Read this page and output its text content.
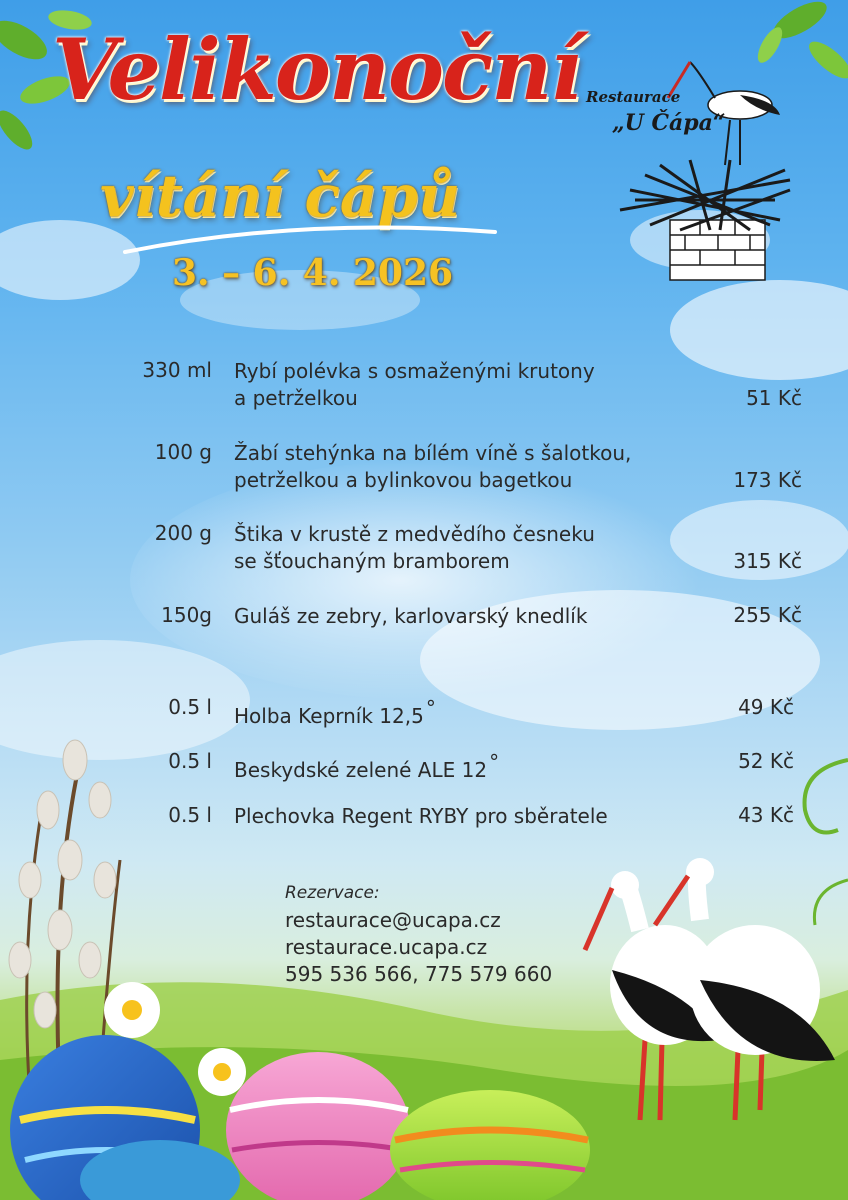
Velikonoční
vítání čápů
3. – 6. 4. 2026
Restaurace
„U Čápa“
330 ml Rybí polévka s osmaženými krutony
a petrželkou	51 Kč
100 g Žabí stehýnka na bílém víně s šalotkou,
petrželkou a bylinkovou bagetkou	173 Kč
200 g Štika v krustě z medvědího česneku
se šťouchaným bramborem	315 Kč
150g Guláš ze zebry, karlovarský knedlík	255 Kč
0.5 l Holba Keprník 12,5 °	49 Kč
0.5 l Beskydské zelené ALE 12 °	52 Kč
0.5 l Plechovka Regent RYBY pro sběratele	43 Kč
Rezervace:
restaurace@ucapa.cz
restaurace.ucapa.cz
595 536 566, 775 579 660
